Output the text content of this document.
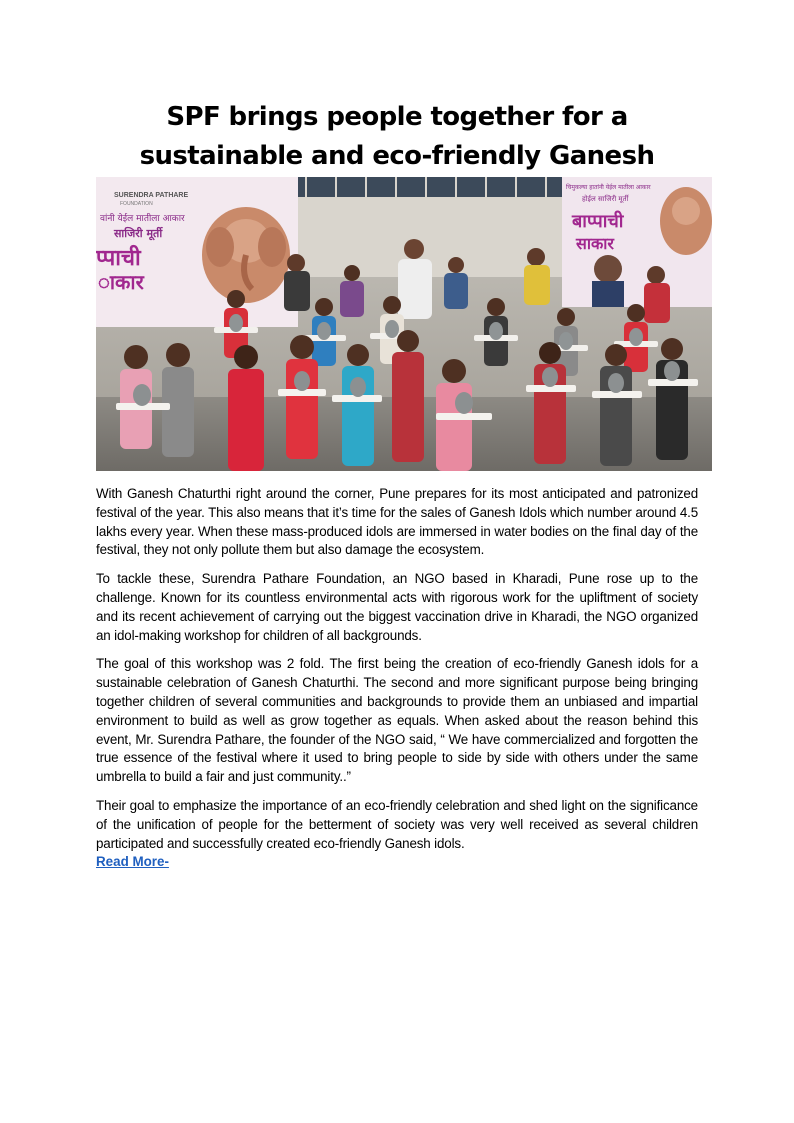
SPF brings people together for a sustainable and eco-friendly Ganesh
SURENDRA PATHARE
FOUNDATION
वांनी येईल मातीला आकार
साजिरी मूर्ती
प्पाची
ाकार
चिमुकल्या हातांनी येईल मातीला आकार
होईल साजिरी मूर्ती
बाप्पाची
साकार

With Ganesh Chaturthi right around the corner, Pune prepares for its most anticipated and patronized festival of the year. This also means that it’s time for the sales of Ganesh Idols which number around 4.5 lakhs every year. When these mass-produced idols are immersed in water bodies on the final day of the festival, they not only pollute them but also damage the ecosystem.

To tackle these, Surendra Pathare Foundation, an NGO based in Kharadi, Pune rose up to the challenge. Known for its countless environmental acts with rigorous work for the upliftment of society and its recent achievement of carrying out the biggest vaccination drive in Kharadi, the NGO organized an idol-making workshop for children of all backgrounds.

The goal of this workshop was 2 fold. The first being the creation of eco-friendly Ganesh idols for a sustainable celebration of Ganesh Chaturthi. The second and more significant purpose being bringing together children of several communities and backgrounds to provide them an unbiased and impartial environment to build as well as grow together as equals. When asked about the reason behind this event, Mr. Surendra Pathare, the founder of the NGO said, “ We have commercialized and forgotten the true essence of the festival where it used to bring people to side by side with others under the same umbrella to build a fair and just community..”

Their goal to emphasize the importance of an eco-friendly celebration and shed light on the significance of the unification of people for the betterment of society was very well received as several children participated and successfully created eco-friendly Ganesh idols.

Read More-
